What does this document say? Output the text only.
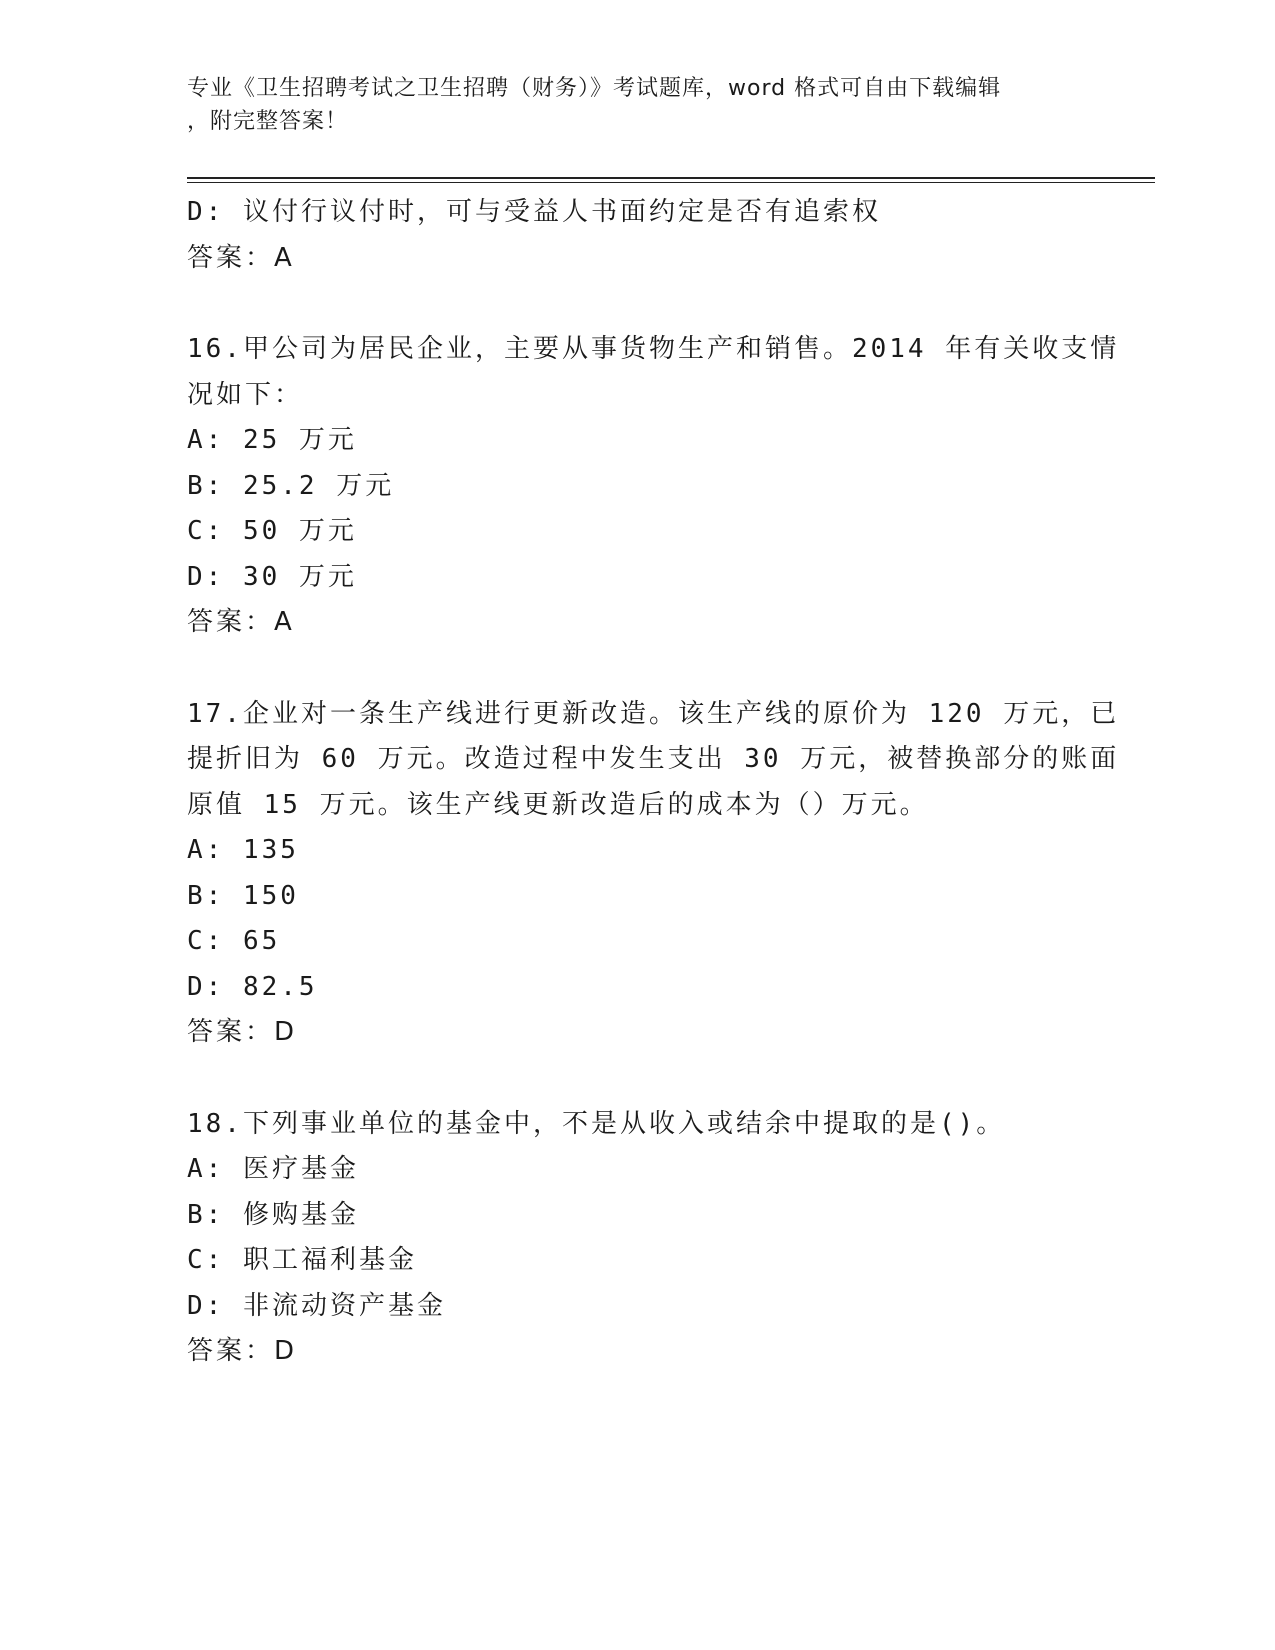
专业《卫生招聘考试之卫生招聘（财务）》考试题库，word 格式可自由下载编辑
，附完整答案！
D: 议付行议付时，可与受益人书面约定是否有追索权
答案：A
16.甲公司为居民企业，主要从事货物生产和销售。2014 年有关收支情
况如下：
A: 25 万元
B: 25.2 万元
C: 50 万元
D: 30 万元
答案：A
17.企业对一条生产线进行更新改造。该生产线的原价为 120 万元，已
提折旧为 60 万元。改造过程中发生支出 30 万元，被替换部分的账面
原值 15 万元。该生产线更新改造后的成本为（）万元。
A: 135
B: 150
C: 65
D: 82.5
答案：D
18.下列事业单位的基金中，不是从收入或结余中提取的是()。
A: 医疗基金
B: 修购基金
C: 职工福利基金
D: 非流动资产基金
答案：D
